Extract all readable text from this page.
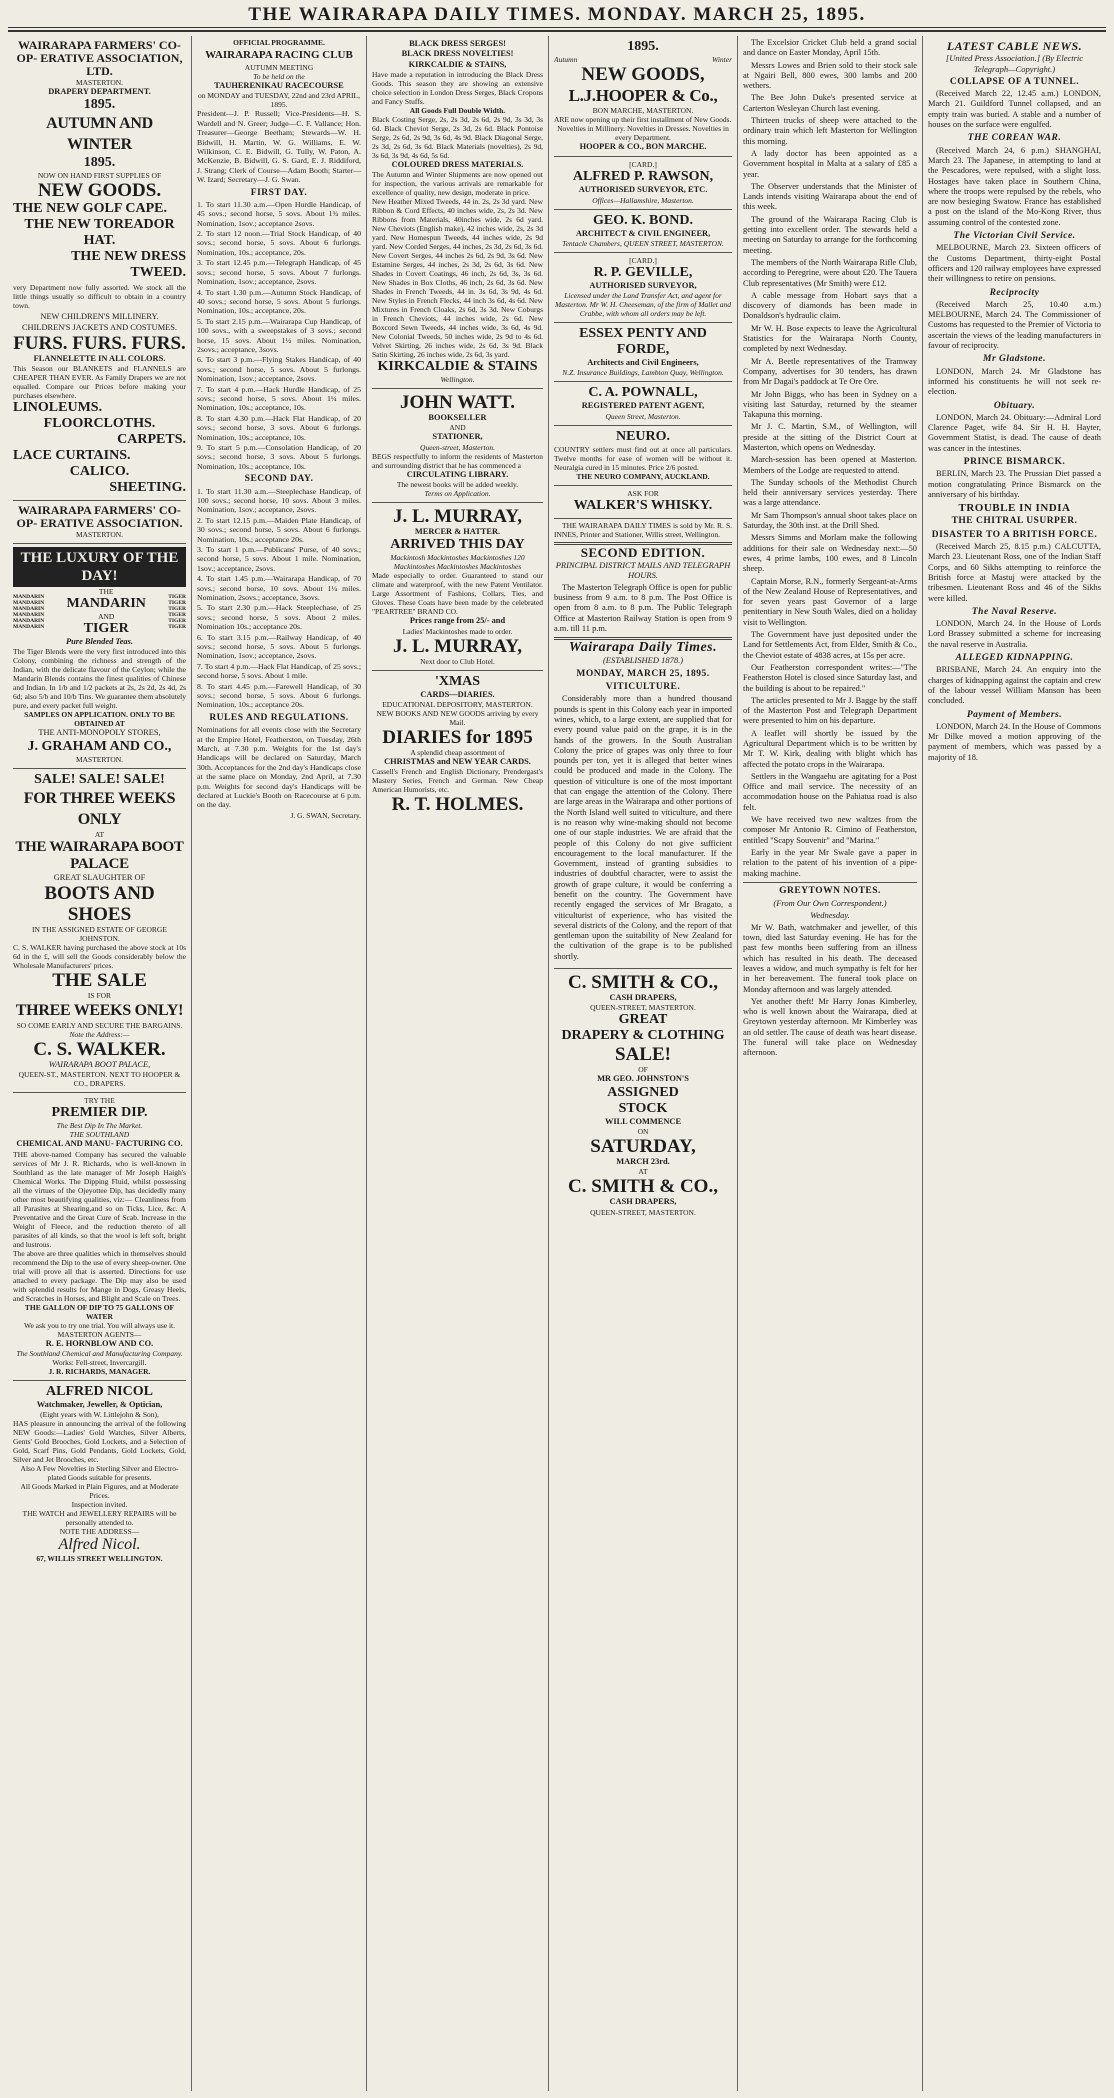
THE WAIRARAPA DAILY TIMES. MONDAY. MARCH 25, 1895.
WAIRARAPA FARMERS' CO-OP- ERATIVE ASSOCIATION, LTD.
MASTERTON.
DRAPERY DEPARTMENT.
1895.
AUTUMN AND WINTER
1895.
NOW ON HAND FIRST SUPPLIES OF
NEW GOODS.
THE NEW GOLF CAPE.
THE NEW TOREADOR HAT.
THE NEW DRESS TWEED.
very Department now fully assorted. We stock all the little things usually so difficult to obtain in a country town.
NEW CHILDREN'S MILLINERY.
CHILDREN'S JACKETS AND COSTUMES.
FURS. FURS. FURS.
FLANNELETTE IN ALL COLORS.
This Season our BLANKETS and FLANNELS are CHEAPER THAN EVER. As Family Drapers we are not equalled. Compare our Prices before making your purchases elsewhere.
LINOLEUMS.
FLOORCLOTHS.
CARPETS.
LACE CURTAINS.
CALICO.
SHEETING.
WAIRARAPA FARMERS' CO-OP- ERATIVE ASSOCIATION.
MASTERTON.
THE LUXURY OF THE DAY!
MANDARIN
MANDARIN
MANDARIN
MANDARIN
MANDARIN
MANDARIN
THE
MANDARIN
AND
TIGER
TIGER
TIGER
TIGER
TIGER
TIGER
TIGER
Pure Blended Teas.
The Tiger Blends were the very first introduced into this Colony, combining the richness and strength of the Indian, with the delicate flavour of the Ceylon; while the Mandarin Blends contains the finest qualities of Chinese and Indian. In 1/b and 1/2 packets at 2s, 2s 2d, 2s 4d, 2s 6d; also 5/b and 10/b Tins. We guarantee them absolutely pure, and every packet full weight.
SAMPLES ON APPLICATION. ONLY TO BE OBTAINED AT
THE ANTI-MONOPOLY STORES,
J. GRAHAM AND CO.,
MASTERTON.
SALE! SALE! SALE!
FOR THREE WEEKS ONLY
AT
THE WAIRARAPA BOOT PALACE
GREAT SLAUGHTER OF
BOOTS AND SHOES
IN THE ASSIGNED ESTATE OF GEORGE JOHNSTON.
C. S. WALKER having purchased the above stock at 10s 6d in the £, will sell the Goods considerably below the Wholesale Manufacturers' prices.
THE SALE
IS FOR
THREE WEEKS ONLY!
SO COME EARLY AND SECURE THE BARGAINS.
Note the Address:—
C. S. WALKER.
WAIRARAPA BOOT PALACE,
QUEEN-ST., MASTERTON. NEXT TO HOOPER & CO., DRAPERS.
TRY THE
PREMIER DIP.
The Best Dip In The Market.
THE SOUTHLAND
CHEMICAL AND MANU- FACTURING CO.
THE above-named Company has secured the valuable services of Mr J. R. Richards, who is well-known in Southland as the late manager of Mr Joseph Haigh's Chemical Works. The Dipping Fluid, whilst possessing all the virtues of the Ojeyottee Dip, has decidedly many other most beautifying qualities, viz:— Cleanliness from all Parasites at Shearing,and so on Ticks, Lice, &c. A Preventative and the Great Cure of Scab. Increase in the Weight of Fleece, and the reduction thereto of all parasites of all kinds, so that the wool is left soft, bright and lustrous.
The above are three qualities which in themselves should recommend the Dip to the use of every sheep-owner. One trial will prove all that is asserted. Directions for use attached to every package. The Dip may also be used with splendid results for Mange in Dogs, Greasy Heels, and Scratches in Horses, and Blight and Scale on Trees.
THE GALLON OF DIP TO 75 GALLONS OF WATER
We ask you to try one trial. You will always use it.
MASTERTON AGENTS—
R. E. HORNBLOW AND CO.
The Southland Chemical and Manufacturing Company.
Works: Fell-street, Invercargill.
J. R. RICHARDS, MANAGER.
ALFRED NICOL
Watchmaker, Jeweller, & Optician,
(Eight years with W. Littlejohn & Son),
HAS pleasure in announcing the arrival of the following NEW Goods:—Ladies' Gold Watches, Silver Alberts, Gents' Gold Brooches, Gold Lockets, and a Selection of Gold, Scarf Pins, Gold Pendants, Gold Lockets, Gold, Silver and Jet Brooches, etc.
Also A Few Novelties in Sterling Silver and Electro-plated Goods suitable for presents.
All Goods Marked in Plain Figures, and at Moderate Prices.
Inspection invited.
THE WATCH and JEWELLERY REPAIRS will be personally attended to.
NOTE THE ADDRESS—
Alfred Nicol.
67, WILLIS STREET WELLINGTON.
OFFICIAL PROGRAMME.
WAIRARAPA RACING CLUB
AUTUMN MEETING
To be held on the
TAUHERENIKAU RACECOURSE
on MONDAY and TUESDAY, 22nd and 23rd APRIL, 1895.

President—J. P. Russell; Vice-Presidents—H. S. Wardell and N. Greer; Judge—C. F. Vallance; Hon. Treasurer—George Beetham; Stewards—W. H. Bidwill, H. Martin, W. G. Williams, E. W. Wilkinson, C. E. Bidwill, G. Tully, W. Paton, A. McKenzie, B. Bidwill, G. S. Gard, E. J. Riddiford, J. Strang; Clerk of Course—Adam Booth; Starter—W. Izard; Secretary—J. G. Swan.

FIRST DAY.

1. To start 11.30 a.m.—Open Hurdle Handicap, of 45 sovs.; second horse, 5 sovs. About 1¾ miles. Nomination, 1sov.; acceptance 2sovs.

2. To start 12 noon.—Trial Stock Handicap, of 40 sovs.; second horse, 5 sovs. About 6 furlongs. Nomination, 10s.; acceptance, 20s.

3. To start 12.45 p.m.—Telegraph Handicap, of 45 sovs.; second horse, 5 sovs. About 7 furlongs. Nomination, 1sov.; acceptance, 2sovs.

4. To start 1.30 p.m.—Autumn Stock Handicap, of 40 sovs.; second horse, 5 sovs. About 5 furlongs. Nomination, 10s.; acceptance, 20s.

5. To start 2.15 p.m.—Wairarapa Cup Handicap, of 100 sovs., with a sweepstakes of 3 sovs.; second horse, 15 sovs. About 1½ miles. Nomination, 2sovs.; acceptance, 3sovs.

6. To start 3 p.m.—Flying Stakes Handicap, of 40 sovs.; second horse, 5 sovs. About 5 furlongs. Nomination, 1sov.; acceptance, 2sovs.

7. To start 4 p.m.—Hack Hurdle Handicap, of 25 sovs.; second horse, 5 sovs. About 1¼ miles. Nomination, 10s.; acceptance, 10s.

8. To start 4.30 p.m.—Hack Flat Handicap, of 20 sovs.; second horse, 3 sovs. About 6 furlongs. Nomination, 10s.; acceptance, 10s.

9. To start 5 p.m.—Consolation Handicap, of 20 sovs.; second horse, 3 sovs. About 5 furlongs. Nomination, 10s.; acceptance, 10s.

SECOND DAY.

1. To start 11.30 a.m.—Steeplechase Handicap, of 100 sovs.; second horse, 10 sovs. About 3 miles. Nomination, 1sov.; acceptance, 2sovs.

2. To start 12.15 p.m.—Maiden Plate Handicap, of 30 sovs.; second horse, 5 sovs. About 6 furlongs. Nomination, 10s.; acceptance 20s.

3. To start 1 p.m.—Publicans' Purse, of 40 sovs.; second horse, 5 sovs. About 1 mile. Nomination, 1sov.; acceptance, 2sovs.

4. To start 1.45 p.m.—Wairarapa Handicap, of 70 sovs.; second horse, 10 sovs. About 1¼ miles. Nomination, 2sovs.; acceptance, 3sovs.

5. To start 2.30 p.m.—Hack Steeplechase, of 25 sovs.; second horse, 5 sovs. About 2 miles. Nomination 10s.; acceptance 20s.

6. To start 3.15 p.m.—Railway Handicap, of 40 sovs.; second horse, 5 sovs. About 5 furlongs. Nomination, 1sov.; acceptance, 2sovs.

7. To start 4 p.m.—Hack Flat Handicap, of 25 sovs.; second horse, 5 sovs. About 1 mile.

8. To start 4.45 p.m.—Farewell Handicap, of 30 sovs.; second horse, 5 sovs. About 6 furlongs. Nomination, 10s.; acceptance 20s.

RULES AND REGULATIONS.

Nominations for all events close with the Secretary at the Empire Hotel, Featherston, on Tuesday, 26th March, at 7.30 p.m. Weights for the 1st day's Handicaps will be declared on Saturday, March 30th. Acceptances for the 2nd day's Handicaps close at the same place on Monday, 2nd April, at 7.30 p.m. Weights for second day's Handicaps will be declared at Luckie's Booth on Racecourse at 6 p.m. on the day.

J. G. SWAN, Secretary.
BLACK DRESS SERGES!
BLACK DRESS NOVELTIES!
KIRKCALDIE & STAINS,
Have made a reputation in introducing the Black Dress Goods. This season they are showing an extensive choice selection in London Dress Serges, Black Cropons and Fancy Stuffs.
All Goods Full Double Width.
Black Costing Serge, 2s, 2s 3d, 2s 6d, 2s 9d, 3s 3d, 3s 6d. Black Cheviot Serge, 2s 3d, 2s 6d. Black Pontoise Serge, 2s 6d, 2s 9d, 3s 6d, 4s 9d. Black Diagonal Serge, 2s 3d, 2s 6d, 3s 6d. Black Materials (novelties), 2s 9d, 3s 6d, 3s 9d, 4s 6d, 5s 6d.
COLOURED DRESS MATERIALS.
The Autumn and Winter Shipments are now opened out for inspection, the various arrivals are remarkable for excellence of quality, new design, moderate in price.
New Heather Mixed Tweeds, 44 in. 2s, 2s 3d yard. New Ribbon & Cord Effects, 40 inches wide, 2s, 2s 3d. New Ribbons from Materials, 40inches wide, 2s 6d yard. New Cheviots (English make), 42 inches wide, 2s, 2s 3d yard. New Homespun Tweeds, 44 inches wide, 2s 9d yard. New Corded Serges, 44 inches, 2s 3d, 2s 6d, 3s 6d. New Covert Serges, 44 inches 2s 6d, 2s 9d, 3s 6d. New Estamine Serges, 44 inches, 2s 3d, 2s 6d, 3s 6d. New Shades in Covert Coatings, 46 inch, 2s 6d, 3s, 3s 6d. New Shades in Box Cloths, 46 inch, 2s 6d, 3s 6d. New Shades in French Tweeds, 44 in. 3s 6d, 3s 9d, 4s 6d. New Styles in French Flecks, 44 inch 3s 6d, 4s 6d. New Mixtures in French Cloaks, 2s 6d, 3s 3d. New Coburgs in French Cheviots, 44 inches wide, 2s 6d. New Boxcord Sewn Tweeds, 44 inches wide, 3s 6d, 4s 9d. New Colonial Tweeds, 50 inches wide, 2s 9d to 4s 6d. Velvet Skirting, 26 inches wide, 2s 6d, 3s 9d. Black Satin Skirting, 26 inches wide, 2s 6d, 3s yard.
KIRKCALDIE & STAINS
Wellington.
JOHN WATT.
BOOKSELLER
AND
STATIONER,
Queen-street, Masterton.
BEGS respectfully to inform the residents of Masterton and surrounding district that he has commenced a
CIRCULATING LIBRARY.
The newest books will be added weekly.
Terms on Application.
J. L. MURRAY,
MERCER & HATTER.
ARRIVED THIS DAY
Mackintosh Mackintoshes Mackintoshes 120 Mackintoshes Mackintoshes Mackintoshes
Made especially to order. Guaranteed to stand our climate and waterproof, with the new Patent Ventilator. Large Assortment of Fashions, Collars, Ties, and Gloves. These Coats have been made by the celebrated "PEARTREE" BRAND CO.
Prices range from 25/- and
Ladies' Mackintoshes made to order.
J. L. MURRAY,
Next door to Club Hotel.
'XMAS
CARDS—DIARIES.
EDUCATIONAL DEPOSITORY, MASTERTON.
NEW BOOKS AND NEW GOODS arriving by every Mail.
DIARIES for 1895
A splendid cheap assortment of
CHRISTMAS and NEW YEAR CARDS.
Cassell's French and English Dictionary, Prendergast's Mastery Series, French and German. New Cheap American Humorists, etc.
R. T. HOLMES.
1895.
Autumn	Winter
NEW GOODS,
L.J.HOOPER & Co.,
BON MARCHE, MASTERTON.
ARE now opening up their first installment of New Goods.
Novelties in Millinery. Novelties in Dresses. Novelties in every Department.
HOOPER & CO., BON MARCHE.
[CARD.]
ALFRED P. RAWSON,
AUTHORISED SURVEYOR, ETC.
Offices—Hallamshire, Masterton.
GEO. K. BOND.
ARCHITECT & CIVIL ENGINEER,
Tentacle Chambers, QUEEN STREET, MASTERTON.
[CARD.]
R. P. GEVILLE,
AUTHORISED SURVEYOR,
Licensed under the Land Transfer Act, and agent for Masterton. Mr W. H. Cheeseman, of the firm of Mallet and Crabbe, with whom all orders may be left.
ESSEX PENTY AND FORDE,
Architects and Civil Engineers,
N.Z. Insurance Buildings, Lambton Quay, Wellington.
C. A. POWNALL,
REGISTERED PATENT AGENT,
Queen Street, Masterton.
NEURO.
COUNTRY settlers must find out at once all particulars. Twelve months for ease of women will be without it. Neuralgia cured in 15 minutes. Price 2/6 posted.
THE NEURO COMPANY, AUCKLAND.
ASK FOR
WALKER'S WHISKY.

THE WAIRARAPA DAILY TIMES is sold by Mr. R. S. INNES, Printer and Stationer, Willis street, Wellington.

SECOND EDITION.
PRINCIPAL DISTRICT MAILS AND TELEGRAPH HOURS.

The Masterton Telegraph Office is open for public business from 9 a.m. to 8 p.m. The Post Office is open from 8 a.m. to 8 p.m. The Public Telegraph Office at Masterton Railway Station is open from 9 a.m. till 11 p.m.

Wairarapa Daily Times.
(ESTABLISHED 1878.)
MONDAY, MARCH 25, 1895.
VITICULTURE.

Considerably more than a hundred thousand pounds is spent in this Colony each year in imported wines, which, to a large extent, are supplied that for every pound value paid on the grape, it is in the hands of the growers. In the South Australian Colony the price of grapes was only three to four pounds per ton, yet it is alleged that better wines could be produced and made in the Colony. The question of viticulture is one of the most important that can engage the attention of the Colony. There are large areas in the Wairarapa and other portions of the North Island well suited to viticulture, and there is no reason why wine-making should not become one of our staple industries. We are afraid that the people of this Colony do not give sufficient encouragement to the local manufacturer. If the Government, instead of granting subsidies to industries of doubtful character, were to assist the growth of grape culture, it would be conferring a benefit on the country. The Government have recently engaged the services of Mr Bragato, a viticulturist of experience, who has visited the several districts of the Colony, and the report of that gentleman upon the suitability of New Zealand for the cultivation of the grape is to be published shortly.

C. SMITH & CO.,
CASH DRAPERS,
QUEEN-STREET, MASTERTON.
GREAT
DRAPERY & CLOTHING
SALE!
OF
MR GEO. JOHNSTON'S
ASSIGNED
STOCK
WILL COMMENCE
ON
SATURDAY,
MARCH 23rd.
AT
C. SMITH & CO.,
CASH DRAPERS,
QUEEN-STREET, MASTERTON.

The Excelsior Cricket Club held a grand social and dance on Easter Monday, April 15th.

Messrs Lowes and Brien sold to their stock sale at Ngairi Bell, 800 ewes, 300 lambs and 200 wethers.

The Bee John Duke's presented service at Carterton Wesleyan Church last evening.

Thirteen trucks of sheep were attached to the ordinary train which left Masterton for Wellington this morning.

A lady doctor has been appointed as a Government hospital in Malta at a salary of £85 a year.

The Observer understands that the Minister of Lands intends visiting Wairarapa about the end of this week.

The ground of the Wairarapa Racing Club is getting into excellent order. The stewards held a meeting on Saturday to arrange for the forthcoming meeting.

The members of the North Wairarapa Rifle Club, according to Peregrine, were about £20. The Tauera Club representatives (Mr Smith) were £12.

A cable message from Hobart says that a discovery of diamonds has been made in Donaldson's hydraulic claim.

Mr W. H. Bose expects to leave the Agricultural Statistics for the Wairarapa North County, completed by next Wednesday.

Mr A. Beetle representatives of the Tramway Company, advertises for 30 tenders, has drawn from Mr Dagai's paddock at Te Ore Ore.

Mr John Biggs, who has been in Sydney on a visiting last Saturday, returned by the steamer Takapuna this morning.

Mr J. C. Martin, S.M., of Wellington, will preside at the sitting of the District Court at Masterton, which opens on Wednesday.

March-session has been opened at Masterton. Members of the Lodge are requested to attend.

The Sunday schools of the Methodist Church held their anniversary services yesterday. There was a large attendance.

Mr Sam Thompson's annual shoot takes place on Saturday, the 30th inst. at the Drill Shed.

Messrs Simms and Morlam make the following additions for their sale on Wednesday next:—50 ewes, 4 prime lambs, 100 ewes, and 8 Lincoln sheep.

Captain Morse, R.N., formerly Sergeant-at-Arms of the New Zealand House of Representatives, and for seven years past Governor of a large penitentiary in New South Wales, died on a holiday visit to Wellington.

The Government have just deposited under the Land for Settlements Act, from Elder, Smith & Co., the Cheviot estate of 4838 acres, at 15s per acre.

Our Featherston correspondent writes:—"The Featherston Hotel is closed since Saturday last, and the building is about to be repaired."

The articles presented to Mr J. Bagge by the staff of the Masterton Post and Telegraph Department were presented to him on his departure.

A leaflet will shortly be issued by the Agricultural Department which is to be written by Mr T. W. Kirk, dealing with blight which has affected the potato crops in the Wairarapa.

Settlers in the Wangaehu are agitating for a Post Office and mail service. The necessity of an accommodation house on the Pahiatua road is also felt.

We have received two new waltzes from the composer Mr Antonio R. Cimino of Featherston, entitled "Scapy Souvenir" and "Marina."

Early in the year Mr Swale gave a paper in relation to the patent of his invention of a pipe-making machine.

GREYTOWN NOTES.
(From Our Own Correspondent.)
Wednesday.

Mr W. Bath, watchmaker and jeweller, of this town, died last Saturday evening. He has for the past few months been suffering from an illness which has resulted in his death. The deceased leaves a widow, and much sympathy is felt for her in her bereavement. The funeral took place on Monday afternoon and was largely attended.

Yet another theft! Mr Harry Jonas Kimberley, who is well known about the Wairarapa, died at Greytown yesterday afternoon. Mr Kimberley was an old settler. The cause of death was heart disease. The funeral will take place on Wednesday afternoon.

LATEST CABLE NEWS.
[United Press Association.] (By Electric Telegraph—Copyright.)
COLLAPSE OF A TUNNEL.

(Received March 22, 12.45 a.m.) LONDON, March 21. Guildford Tunnel collapsed, and an empty train was buried. A stable and a number of houses on the surface were engulfed.

THE COREAN WAR.

(Received March 24, 6 p.m.) SHANGHAI, March 23. The Japanese, in attempting to land at the Pescadores, were repulsed, with a slight loss. Hostages have taken place in Southern China, where the troops were repulsed by the rebels, who are now besieging Swatow. France has established a post on the island of the Mo-Kong River, thus assuming control of the contested zone.

The Victorian Civil Service.

MELBOURNE, March 23. Sixteen officers of the Customs Department, thirty-eight Postal officers and 120 railway employees have expressed their willingness to retire on pensions.

Reciprocity

(Received March 25, 10.40 a.m.) MELBOURNE, March 24. The Commissioner of Customs has requested to the Premier of Victoria to ascertain the views of the leading manufacturers in favour of reciprocity.

Mr Gladstone.

LONDON, March 24. Mr Gladstone has informed his constituents he will not seek re-election.

Obituary.

LONDON, March 24. Obituary:—Admiral Lord Clarence Paget, wife 84. Sir H. H. Hayter, Government Statist, is dead. The cause of death was cancer in the intestines.

PRINCE BISMARCK.

BERLIN, March 23. The Prussian Diet passed a motion congratulating Prince Bismarck on the anniversary of his birthday.

TROUBLE IN INDIA
THE CHITRAL USURPER.
DISASTER TO A BRITISH FORCE.

(Received March 25, 8.15 p.m.) CALCUTTA, March 23. Lieutenant Ross, one of the Indian Staff Corps, and 60 Sikhs attempting to reinforce the British force at Mastuj were attacked by the tribesmen. Lieutenant Ross and 46 of the Sikhs were killed.

The Naval Reserve.

LONDON, March 24. In the House of Lords Lord Brassey submitted a scheme for increasing the naval reserve in Australia.

ALLEGED KIDNAPPING.

BRISBANE, March 24. An enquiry into the charges of kidnapping against the captain and crew of the labour vessel William Manson has been concluded.

Payment of Members.

LONDON, March 24. In the House of Commons Mr Dilke moved a motion approving of the payment of members, which was passed by a majority of 18.
